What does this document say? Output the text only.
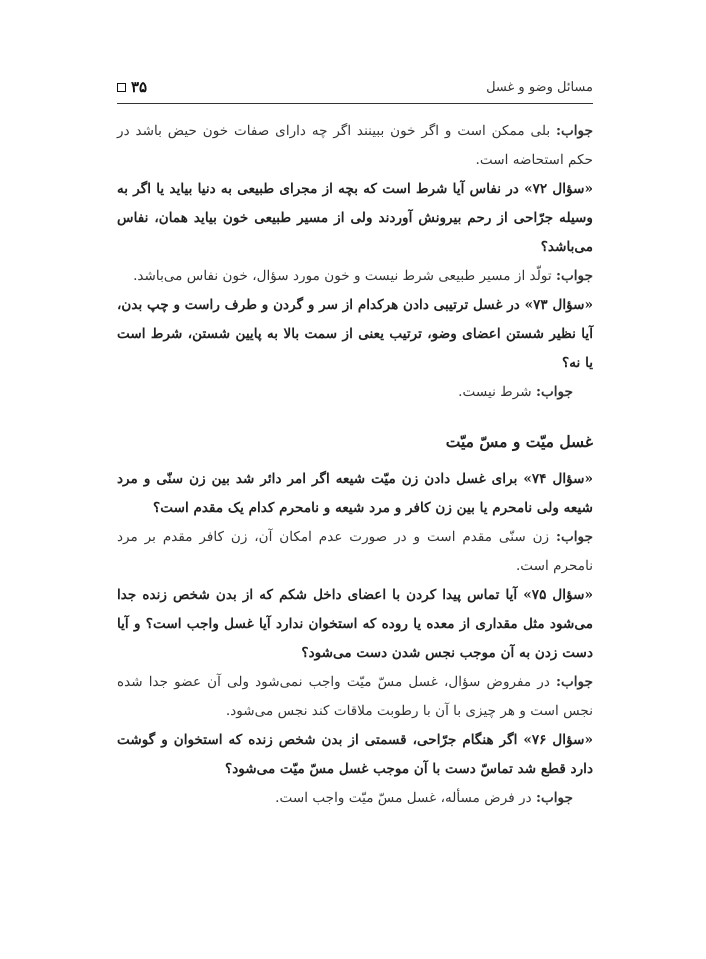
مسائل وضو و غسل
۳۵

جواب: بلی ممکن است و اگر خون ببینند اگر چه دارای صفات خون حیض باشد در حکم استحاضه است.

«سؤال ۷۲» در نفاس آیا شرط است که بچه از مجرای طبیعی به دنیا بیاید یا اگر به وسیله جرّاحی از رحم بیرونش آوردند ولی از مسیر طبیعی خون بیاید همان، نفاس می‌باشد؟

جواب: تولّد از مسیر طبیعی شرط نیست و خون مورد سؤال، خون نفاس می‌باشد.

«سؤال ۷۳» در غسل ترتیبی دادن هرکدام از سر و گردن و طرف راست و چپ بدن، آیا نظیر شستن اعضای وضو، ترتیب یعنی از سمت بالا به پایین شستن، شرط است یا نه؟

جواب: شرط نیست.

غسل میّت و مسّ میّت

«سؤال ۷۴» برای غسل دادن زن میّت شیعه اگر امر دائر شد بین زن سنّی و مرد شیعه ولی نامحرم یا بین زن کافر و مرد شیعه و نامحرم کدام یک مقدم است؟

جواب: زن سنّی مقدم است و در صورت عدم امکان آن، زن کافر مقدم بر مرد نامحرم است.

«سؤال ۷۵» آیا تماس پیدا کردن با اعضای داخل شکم که از بدن شخص زنده جدا می‌شود مثل مقداری از معده یا روده که استخوان ندارد آیا غسل واجب است؟ و آیا دست زدن به آن موجب نجس شدن دست می‌شود؟

جواب: در مفروض سؤال، غسل مسّ میّت واجب نمی‌شود ولی آن عضو جدا شده نجس است و هر چیزی با آن با رطوبت ملاقات کند نجس می‌شود.

«سؤال ۷۶» اگر هنگام جرّاحی، قسمتی از بدن شخص زنده که استخوان و گوشت دارد قطع شد تماسّ دست با آن موجب غسل مسّ میّت می‌شود؟

جواب: در فرض مسأله، غسل مسّ میّت واجب است.
